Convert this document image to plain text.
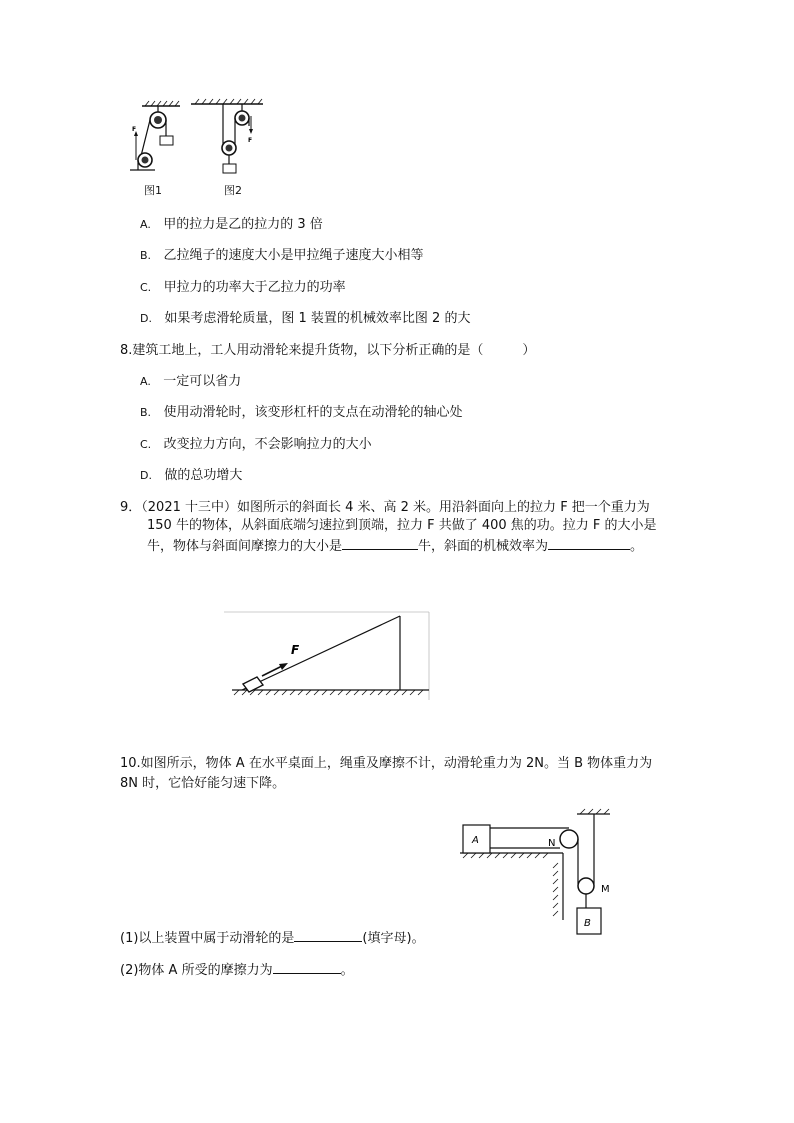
F
F
图1	图2
A. 甲的拉力是乙的拉力的 3 倍
B. 乙拉绳子的速度大小是甲拉绳子速度大小相等
C. 甲拉力的功率大于乙拉力的功率
D. 如果考虑滑轮质量，图 1 装置的机械效率比图 2 的大
8.建筑工地上，工人用动滑轮来提升货物，以下分析正确的是（　　　）
A. 一定可以省力
B. 使用动滑轮时，该变形杠杆的支点在动滑轮的轴心处
C. 改变拉力方向，不会影响拉力的大小
D. 做的总功增大
9．（2021 十三中）如图所示的斜面长 4 米、高 2 米。用沿斜面向上的拉力 F 把一个重力为
150 牛的物体，从斜面底端匀速拉到顶端，拉力 F 共做了 400 焦的功。拉力 F 的大小是
牛，物体与斜面间摩擦力的大小是	牛，斜面的机械效率为	。
F
10.如图所示，物体 A 在水平桌面上，绳重及摩擦不计，动滑轮重力为 2N。当 B 物体重力为
8N 时，它恰好能匀速下降。
A	N
M
B
(1)以上装置中属于动滑轮的是	(填字母)。
(2)物体 A 所受的摩擦力为	。
